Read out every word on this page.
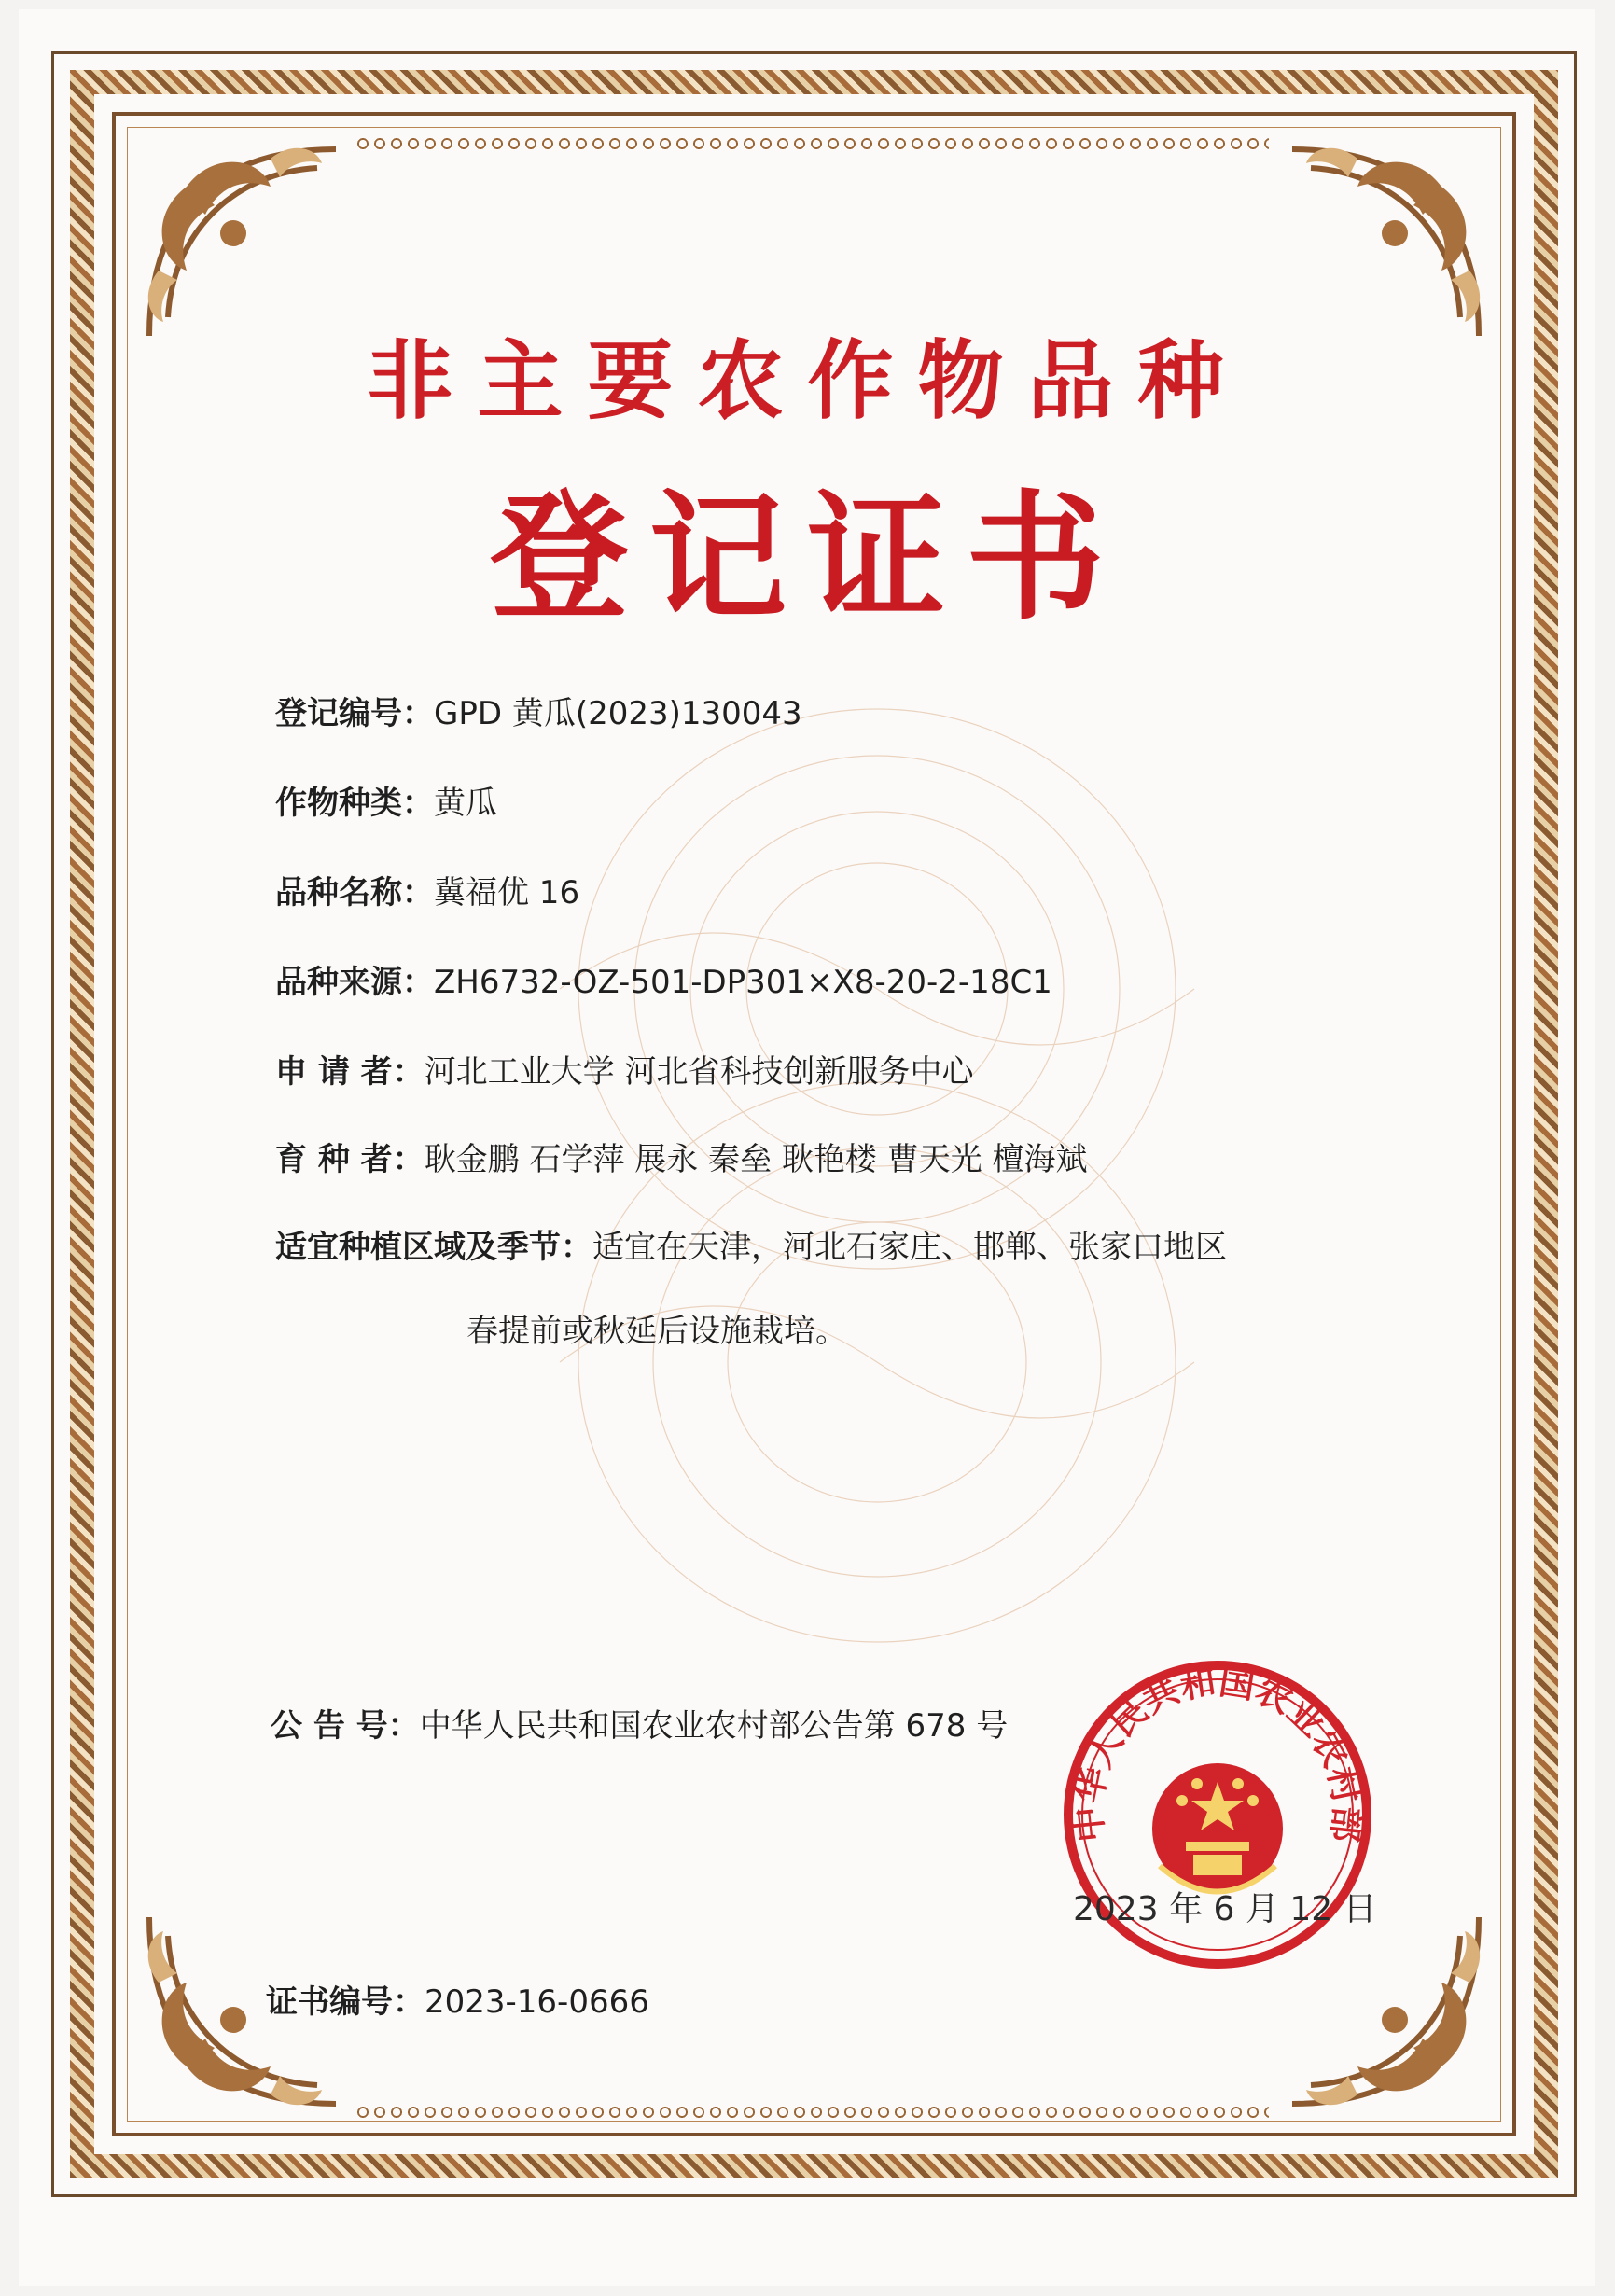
非主要农作物品种
登记证书
登记编号：GPD 黄瓜(2023)130043
作物种类：黄瓜
品种名称：冀福优 16
品种来源：ZH6732-OZ-501-DP301×X8-20-2-18C1
申 请 者：河北工业大学 河北省科技创新服务中心
育 种 者：耿金鹏 石学萍 展永 秦垒 耿艳楼 曹天光 檀海斌
适宜种植区域及季节：适宜在天津，河北石家庄、邯郸、张家口地区
春提前或秋延后设施栽培。
公 告 号：中华人民共和国农业农村部公告第 678 号
证书编号：2023-16-0666
中华人民共和国农业农村部
2023 年 6 月 12 日
